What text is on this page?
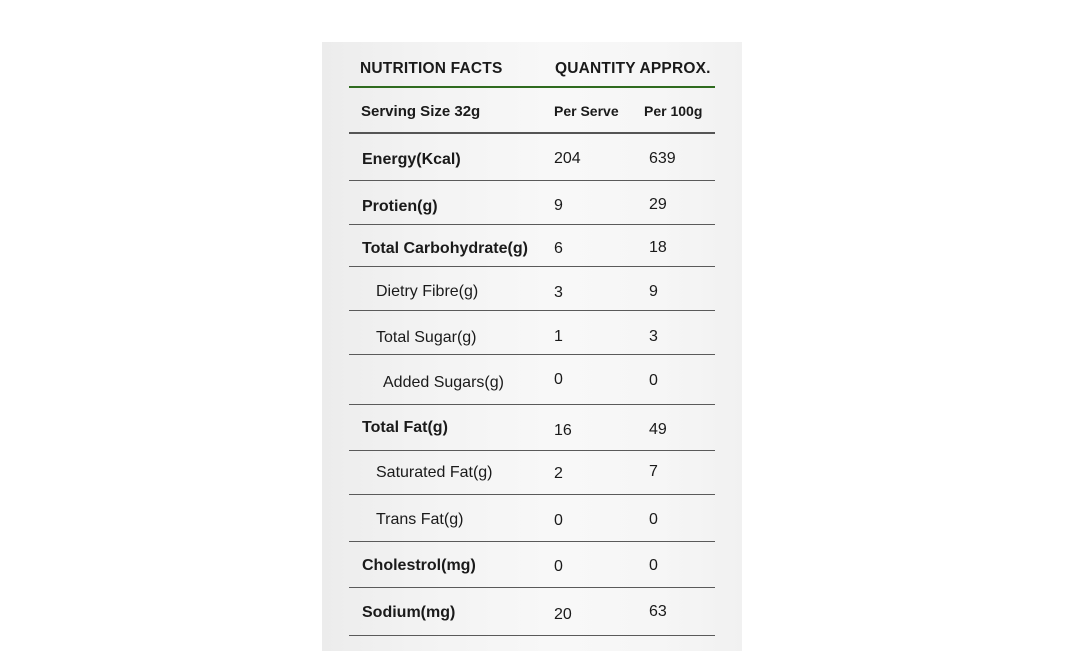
NUTRITION FACTS	QUANTITY APPROX.
Serving Size 32g	Per Serve Per 100g
Energy(Kcal)	204	639
Protien(g)	9	29
Total Carbohydrate(g) 6	18
Dietry Fibre(g)	3	9
Total Sugar(g)	1	3
Added Sugars(g)	0	0
Total Fat(g)	16	49
Saturated Fat(g)	2	7
Trans Fat(g)	0	0
Cholestrol(mg)	0	0
Sodium(mg)	20	63
